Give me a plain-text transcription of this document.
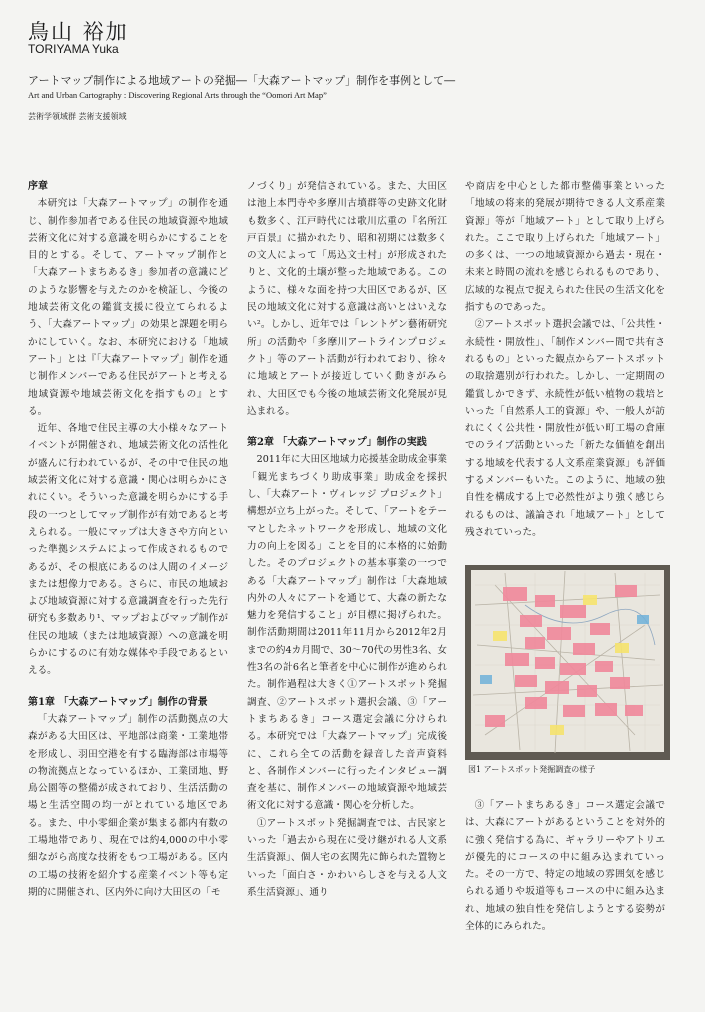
鳥山 裕加
TORIYAMA Yuka
アートマップ制作による地域アートの発掘―「大森アートマップ」制作を事例として―
Art and Urban Cartography : Discovering Regional Arts through the “Oomori Art Map”
芸術学領域群 芸術支援領域
序章

本研究は「大森アートマップ」の制作を通じ、制作参加者である住民の地域資源や地域芸術文化に対する意識を明らかにすることを目的とする。そして、アートマップ制作と「大森アートまちあるき」参加者の意識にどのような影響を与えたのかを検証し、今後の地域芸術文化の鑑賞支援に役立てられるよう、「大森アートマップ」の効果と課題を明らかにしていく。なお、本研究における「地域アート」とは『「大森アートマップ」制作を通じ制作メンバーである住民がアートと考える地域資源や地域芸術文化を指すもの』とする。

近年、各地で住民主導の大小様々なアートイベントが開催され、地域芸術文化の活性化が盛んに行われているが、その中で住民の地域芸術文化に対する意識・関心は明らかにされにくい。そういった意識を明らかにする手段の一つとしてマップ制作が有効であると考えられる。一般にマップは大きさや方向といった準拠システムによって作成されるものであるが、その根底にあるのは人間のイメージまたは想像力である。さらに、市民の地域および地域資源に対する意識調査を行った先行研究も多数あり¹、マップおよびマップ制作が住民の地域（または地域資源）への意識を明らかにするのに有効な媒体や手段であるといえる。

第1章 「大森アートマップ」制作の背景

「大森アートマップ」制作の活動拠点の大森がある大田区は、平地部は商業・工業地帯を形成し、羽田空港を有する臨海部は市場等の物流拠点となっているほか、工業団地、野鳥公園等の整備が成されており、生活活動の場と生活空間の均一がとれている地区である。また、中小零細企業が集まる都内有数の工場地帯であり、現在では約4,000の中小零細ながら高度な技術をもつ工場がある。区内の工場の技術を紹介する産業イベント等も定期的に開催され、区内外に向け大田区の「モ

ノづくり」が発信されている。また、大田区は池上本門寺や多摩川古墳群等の史跡文化財も数多く、江戸時代には歌川広重の『名所江戸百景』に描かれたり、昭和初期には数多くの文人によって「馬込文士村」が形成されたりと、文化的土壌が整った地域である。このように、様々な面を持つ大田区であるが、区民の地域文化に対する意識は高いとはいえない²。しかし、近年では「レントゲン藝術研究所」の活動や「多摩川アートラインプロジェクト」等のアート活動が行われており、徐々に地域とアートが接近していく動きがみられ、大田区でも今後の地域芸術文化発展が見込まれる。

第2章 「大森アートマップ」制作の実践

2011年に大田区地域力応援基金助成金事業「観光まちづくり助成事業」助成金を採択し、「大森アート・ヴィレッジ プロジェクト」構想が立ち上がった。そして、「アートをテーマとしたネットワークを形成し、地域の文化力の向上を図る」ことを目的に本格的に始動した。そのプロジェクトの基本事業の一つである「大森アートマップ」制作は「大森地域内外の人々にアートを通じて、大森の新たな魅力を発信すること」が目標に掲げられた。制作活動期間は2011年11月から2012年2月までの約4カ月間で、30～70代の男性3名、女性3名の計6名と筆者を中心に制作が進められた。制作過程は大きく①アートスポット発掘調査、②アートスポット選択会議、③「アートまちあるき」コース選定会議に分けられる。本研究では「大森アートマップ」完成後に、これら全ての活動を録音した音声資料と、各制作メンバーに行ったインタビュー調査を基に、制作メンバーの地域資源や地域芸術文化に対する意識・関心を分析した。

①アートスポット発掘調査では、古民家といった「過去から現在に受け継がれる人文系生活資源」、個人宅の玄関先に飾られた置物といった「面白さ・かわいらしさを与える人文系生活資源」、通り

や商店を中心とした都市整備事業といった「地域の将来的発展が期待できる人文系産業資源」等が「地域アート」として取り上げられた。ここで取り上げられた「地域アート」の多くは、一つの地域資源から過去・現在・未来と時間の流れを感じられるものであり、広域的な視点で捉えられた住民の生活文化を指すものであった。

②アートスポット選択会議では、「公共性・永続性・開放性」、「制作メンバー間で共有されるもの」といった観点からアートスポットの取捨選別が行われた。しかし、一定期間の鑑賞しかできず、永続性が低い植物の栽培といった「自然系人工的資源」や、一般人が訪れにくく公共性・開放性が低い町工場の倉庫でのライブ活動といった「新たな価値を創出する地域を代表する人文系産業資源」も評価するメンバーもいた。このように、地域の独自性を構成する上で必然性がより強く感じられるものは、議論され「地域アート」として残されていった。

図1 アートスポット発掘調査の様子

③「アートまちあるき」コース選定会議では、大森にアートがあるということを対外的に強く発信する為に、ギャラリーやアトリエが優先的にコースの中に組み込まれていった。その一方で、特定の地域の雰囲気を感じられる通りや坂道等もコースの中に組み込まれ、地域の独自性を発信しようとする姿勢が全体的にみられた。
